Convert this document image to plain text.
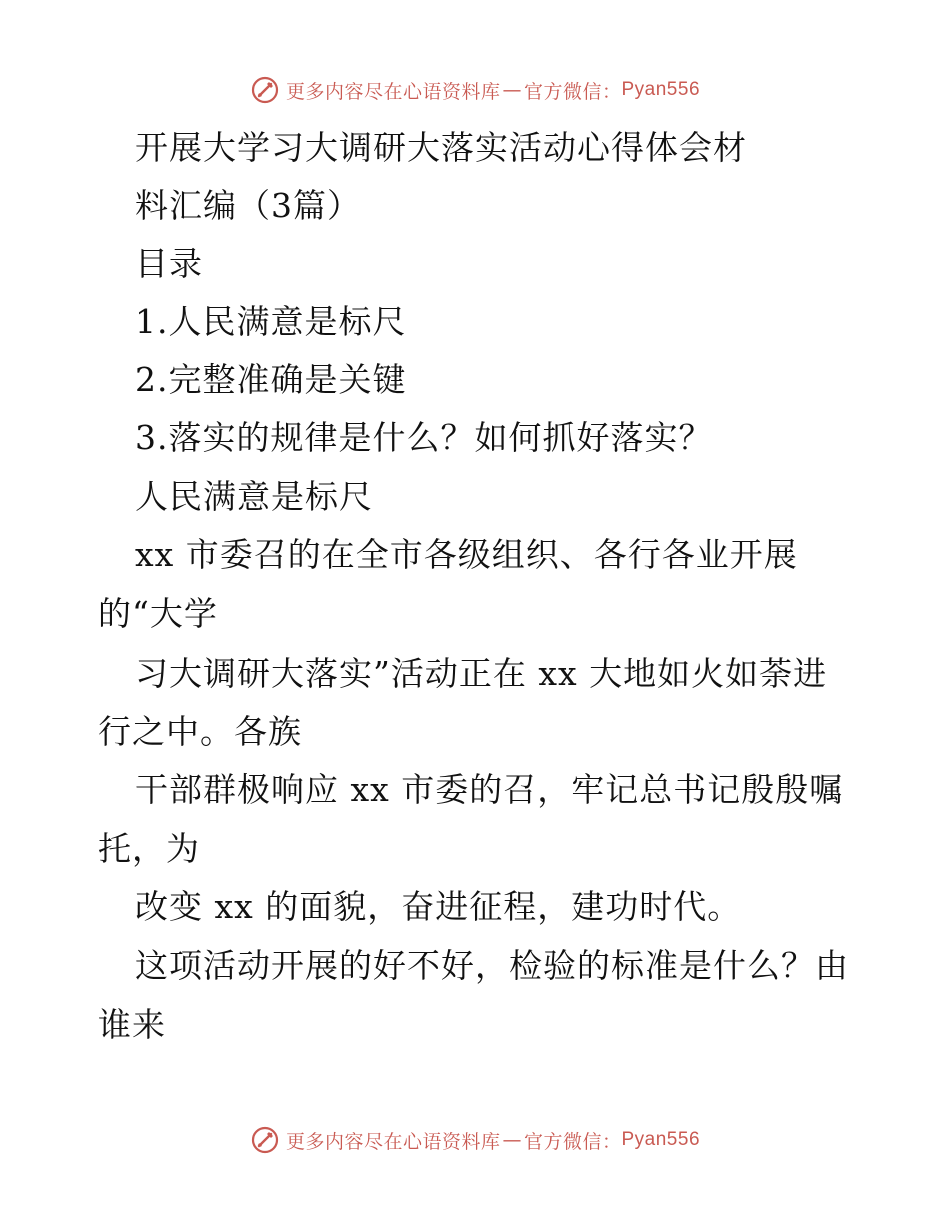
更多内容尽在心语资料库 — 官方微信： Pyan556
开展大学习大调研大落实活动心得体会材
料汇编（3篇）
目录
1.人民满意是标尺
2.完整准确是关键
3.落实的规律是什么？如何抓好落实？
人民满意是标尺
xx 市委召的在全市各级组织、各行各业开展
的“大学
习大调研大落实”活动正在 xx 大地如火如荼进
行之中。各族
干部群极响应 xx 市委的召，牢记总书记殷殷嘱
托，为
改变 xx 的面貌，奋进征程，建功时代。
这项活动开展的好不好，检验的标准是什么？由
谁来
更多内容尽在心语资料库 — 官方微信： Pyan556
